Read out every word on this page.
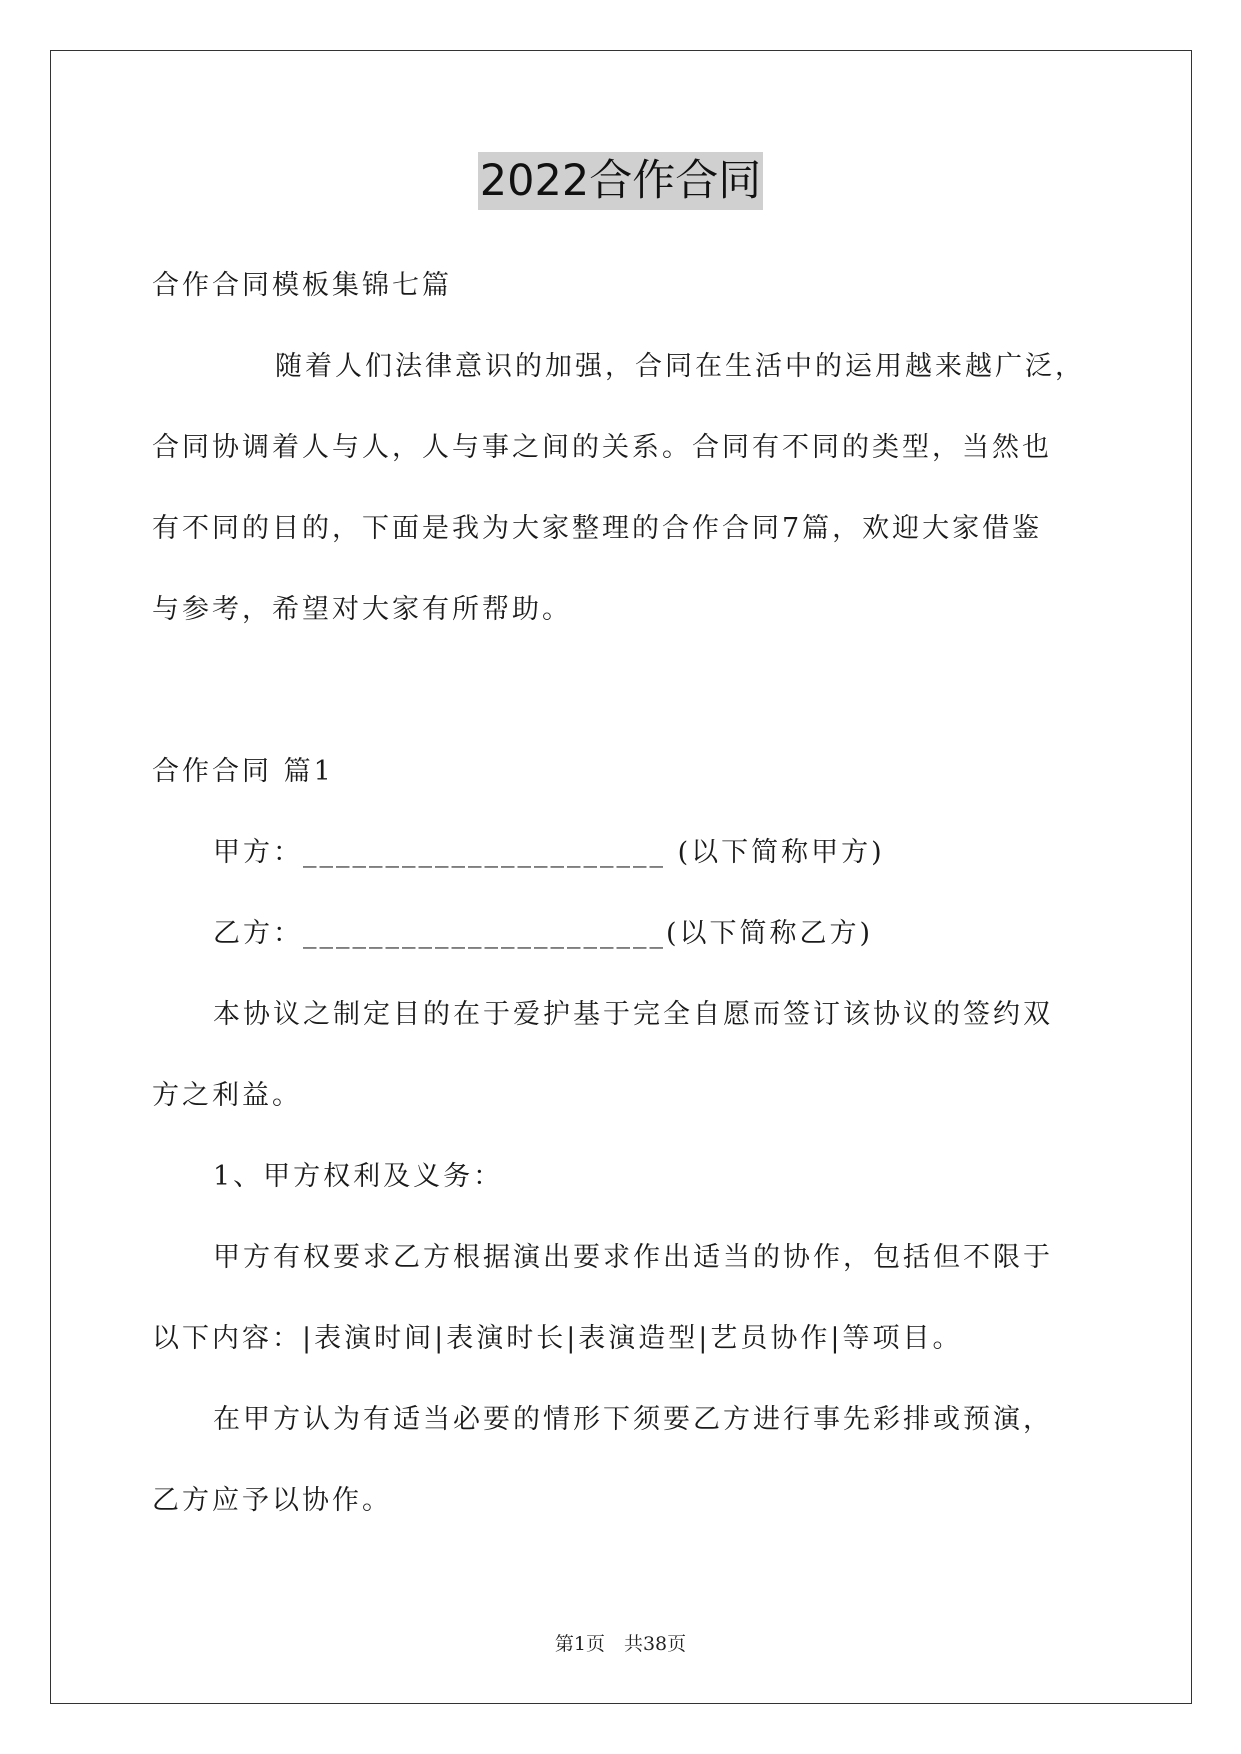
2022合作合同
合作合同模板集锦七篇
随着人们法律意识的加强，合同在生活中的运用越来越广泛，
合同协调着人与人，人与事之间的关系。合同有不同的类型，当然也
有不同的目的，下面是我为大家整理的合作合同7篇，欢迎大家借鉴
与参考，希望对大家有所帮助。
合作合同 篇1
甲方：______________________ (以下简称甲方)
乙方：______________________(以下简称乙方)
本协议之制定目的在于爱护基于完全自愿而签订该协议的签约双
方之利益。
1、甲方权利及义务：
甲方有权要求乙方根据演出要求作出适当的协作，包括但不限于
以下内容：|表演时间|表演时长|表演造型|艺员协作|等项目。
在甲方认为有适当必要的情形下须要乙方进行事先彩排或预演，
乙方应予以协作。
第1页　共38页
